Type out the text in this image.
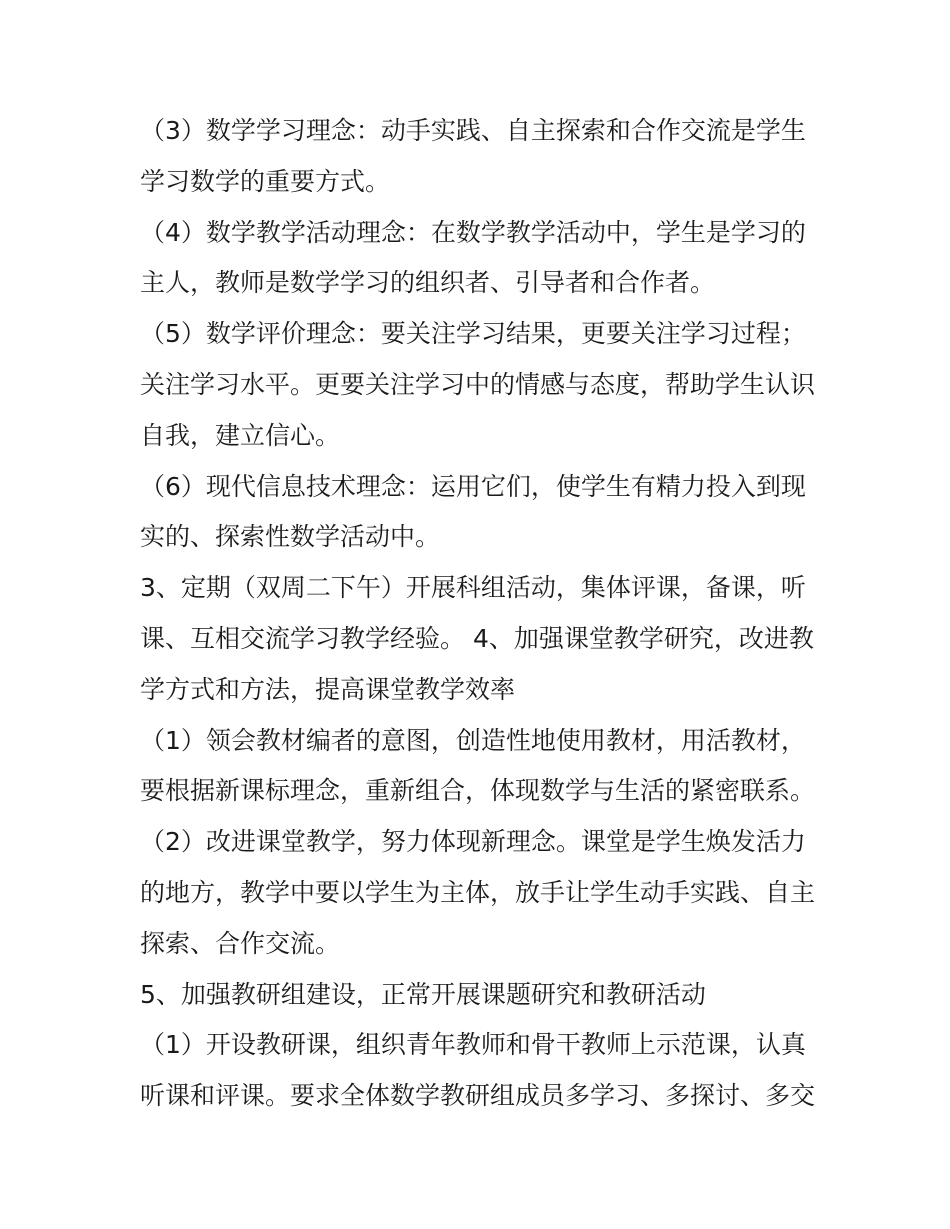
（3）数学学习理念：动手实践、自主探索和合作交流是学生
学习数学的重要方式。
（4）数学教学活动理念：在数学教学活动中，学生是学习的
主人，教师是数学学习的组织者、引导者和合作者。
（5）数学评价理念：要关注学习结果，更要关注学习过程；
关注学习水平。更要关注学习中的情感与态度，帮助学生认识
自我，建立信心。
（6）现代信息技术理念：运用它们，使学生有精力投入到现
实的、探索性数学活动中。
3、定期（双周二下午）开展科组活动，集体评课，备课，听
课、互相交流学习教学经验。 4、加强课堂教学研究，改进教
学方式和方法，提高课堂教学效率
（1）领会教材编者的意图，创造性地使用教材，用活教材，
要根据新课标理念，重新组合，体现数学与生活的紧密联系。
（2）改进课堂教学，努力体现新理念。课堂是学生焕发活力
的地方，教学中要以学生为主体，放手让学生动手实践、自主
探索、合作交流。
5、加强教研组建设，正常开展课题研究和教研活动
（1）开设教研课，组织青年教师和骨干教师上示范课，认真
听课和评课。要求全体数学教研组成员多学习、多探讨、多交
